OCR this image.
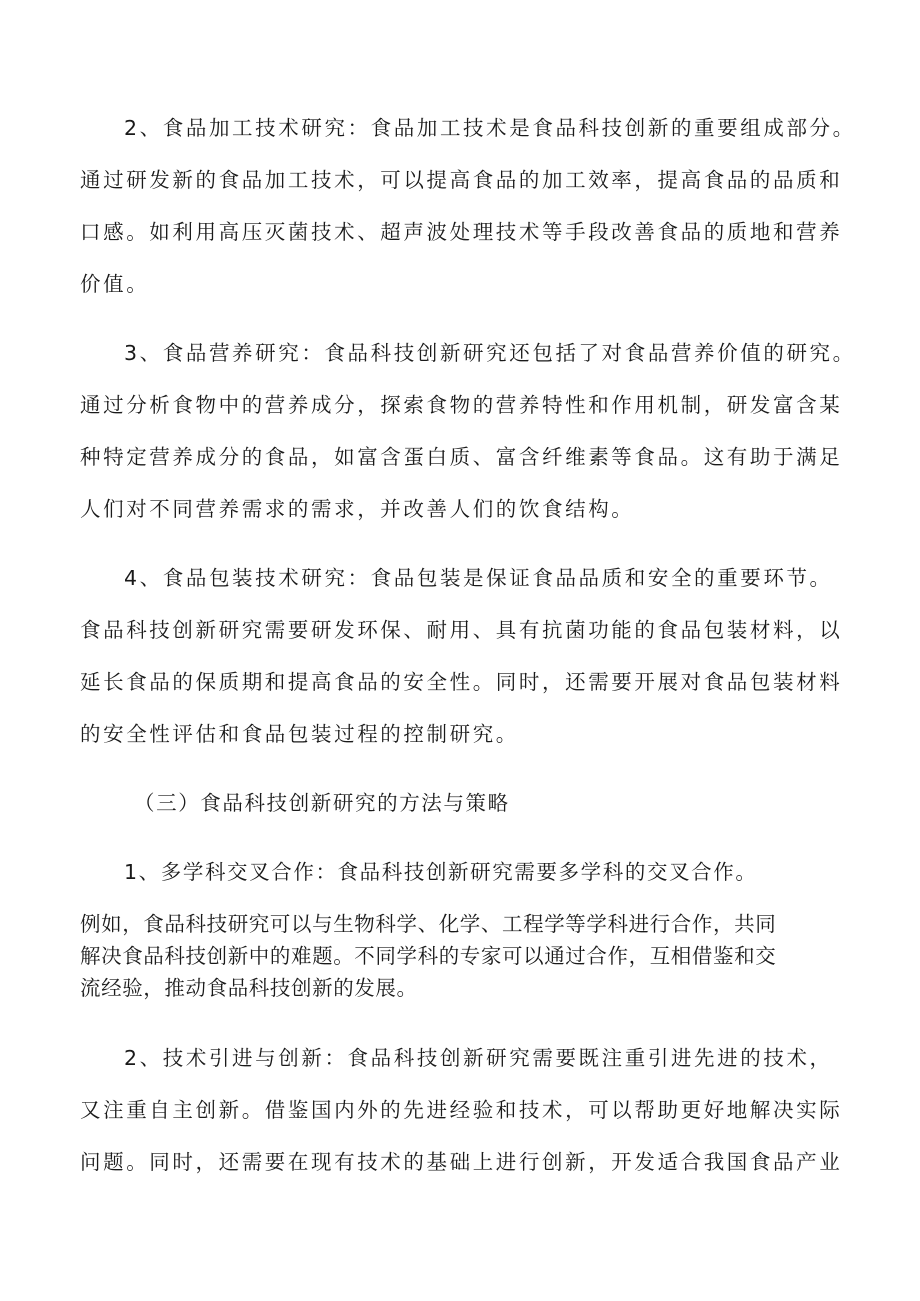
2、食品加工技术研究：食品加工技术是食品科技创新的重要组成部分。
通过研发新的食品加工技术，可以提高食品的加工效率，提高食品的品质和
口感。如利用高压灭菌技术、超声波处理技术等手段改善食品的质地和营养
价值。
3、食品营养研究：食品科技创新研究还包括了对食品营养价值的研究。
通过分析食物中的营养成分，探索食物的营养特性和作用机制，研发富含某
种特定营养成分的食品，如富含蛋白质、富含纤维素等食品。这有助于满足
人们对不同营养需求的需求，并改善人们的饮食结构。
4、食品包装技术研究：食品包装是保证食品品质和安全的重要环节。
食品科技创新研究需要研发环保、耐用、具有抗菌功能的食品包装材料，以
延长食品的保质期和提高食品的安全性。同时，还需要开展对食品包装材料
的安全性评估和食品包装过程的控制研究。
（三）食品科技创新研究的方法与策略
1、多学科交叉合作：食品科技创新研究需要多学科的交叉合作。
例如，食品科技研究可以与生物科学、化学、工程学等学科进行合作，共同
解决食品科技创新中的难题。不同学科的专家可以通过合作，互相借鉴和交
流经验，推动食品科技创新的发展。
2、技术引进与创新：食品科技创新研究需要既注重引进先进的技术，
又注重自主创新。借鉴国内外的先进经验和技术，可以帮助更好地解决实际
问题。同时，还需要在现有技术的基础上进行创新，开发适合我国食品产业
